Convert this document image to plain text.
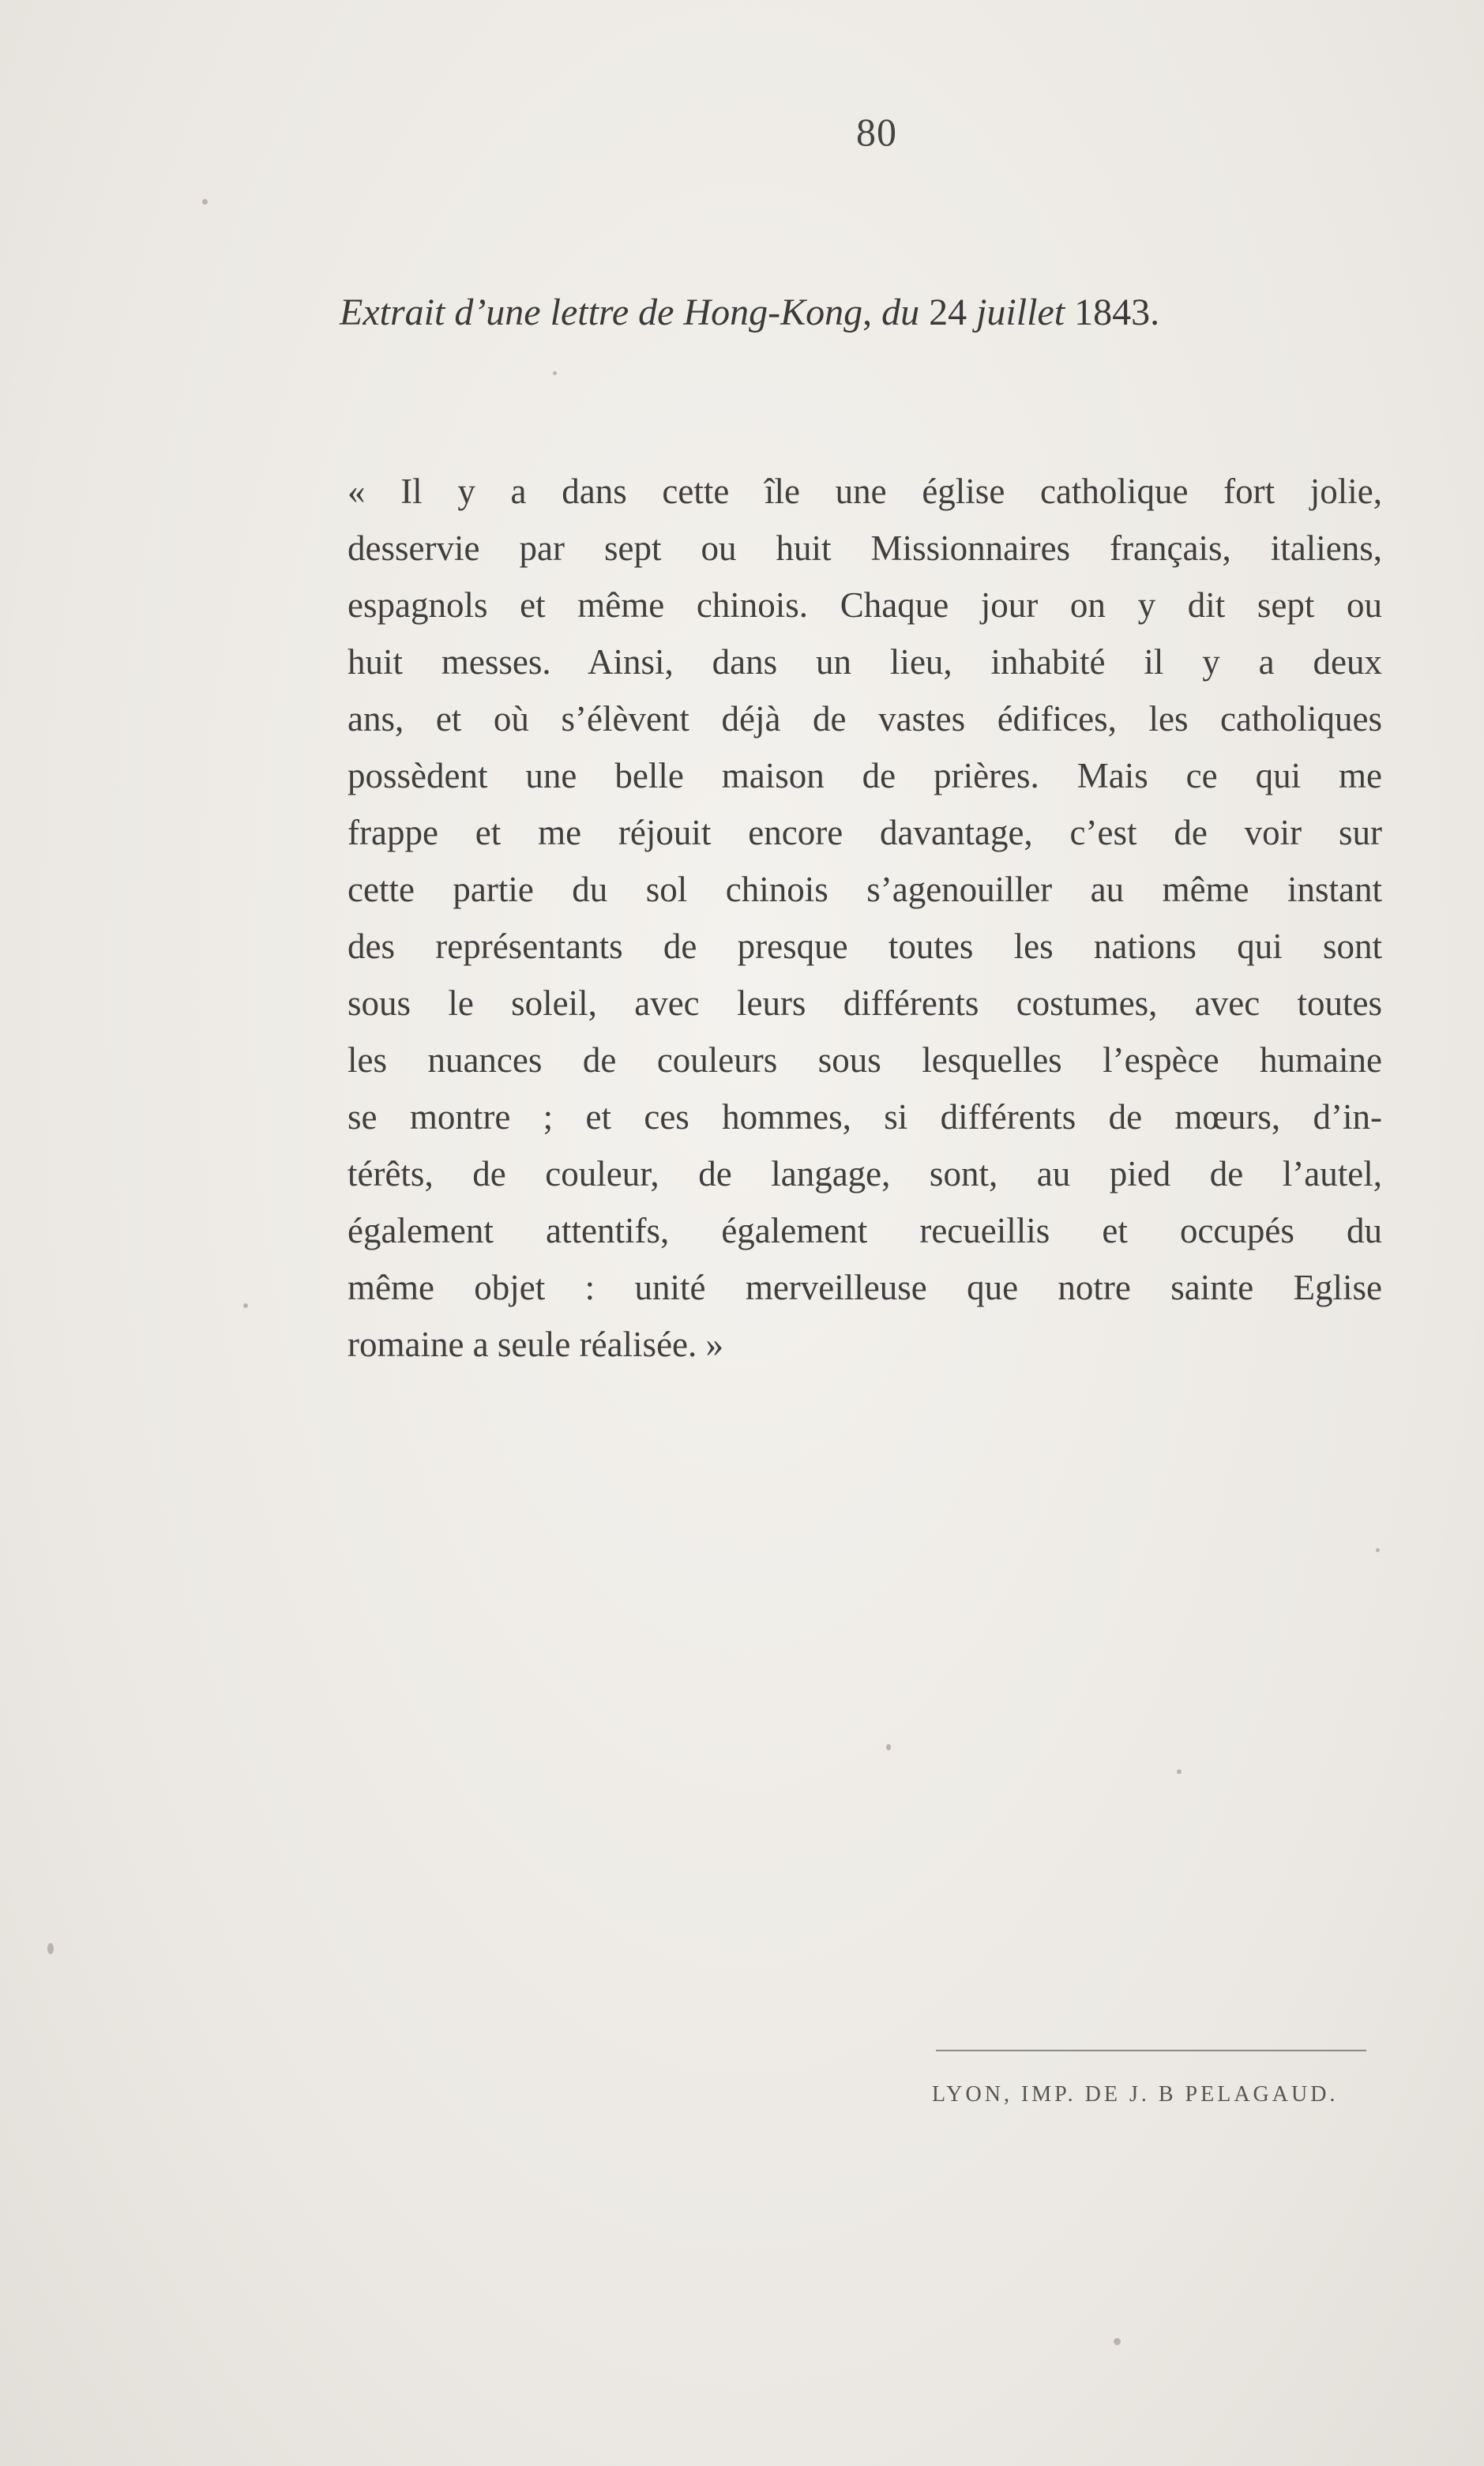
80
Extrait d’une lettre de Hong-Kong, du 24 juillet 1843.
« Il y a dans cette île une église catholique fort jolie,
desservie par sept ou huit Missionnaires français, italiens,
espagnols et même chinois. Chaque jour on y dit sept ou
huit messes. Ainsi, dans un lieu, inhabité il y a deux
ans, et où s’élèvent déjà de vastes édifices, les catholiques
possèdent une belle maison de prières. Mais ce qui me
frappe et me réjouit encore davantage, c’est de voir sur
cette partie du sol chinois s’agenouiller au même instant
des représentants de presque toutes les nations qui sont
sous le soleil, avec leurs différents costumes, avec toutes
les nuances de couleurs sous lesquelles l’espèce humaine
se montre ; et ces hommes, si différents de mœurs, d’in-
térêts, de couleur, de langage, sont, au pied de l’autel,
également attentifs, également recueillis et occupés du
même objet : unité merveilleuse que notre sainte Eglise
romaine a seule réalisée. »
LYON, IMP. DE J. B PELAGAUD.
